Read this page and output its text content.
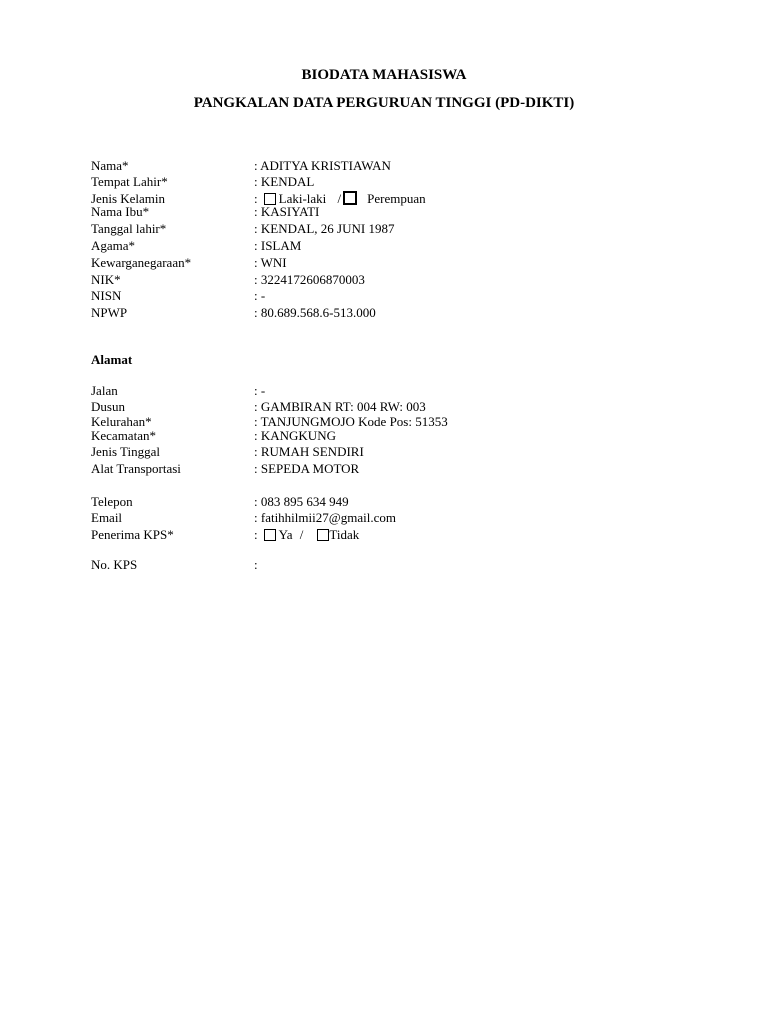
BIODATA MAHASISWA
PANGKALAN DATA PERGURUAN TINGGI (PD-DIKTI)
Nama*	: ADITYA KRISTIAWAN
Tempat Lahir*	: KENDAL
Jenis Kelamin	: Laki-laki / Perempuan
Nama Ibu*	: KASIYATI
Tanggal lahir*	: KENDAL, 26 JUNI 1987
Agama*	: ISLAM
Kewarganegaraan*	: WNI
NIK*	: 3224172606870003
NISN	: -
NPWP	: 80.689.568.6-513.000
Alamat
Jalan	: -
Dusun	: GAMBIRAN RT: 004 RW: 003
Kelurahan*	: TANJUNGMOJO Kode Pos: 51353
Kecamatan*	: KANGKUNG
Jenis Tinggal	: RUMAH SENDIRI
Alat Transportasi	: SEPEDA MOTOR
Telepon	: 083 895 634 949
Email	: fatihhilmii27@gmail.com
Penerima KPS*	: Ya / Tidak
No. KPS	:
